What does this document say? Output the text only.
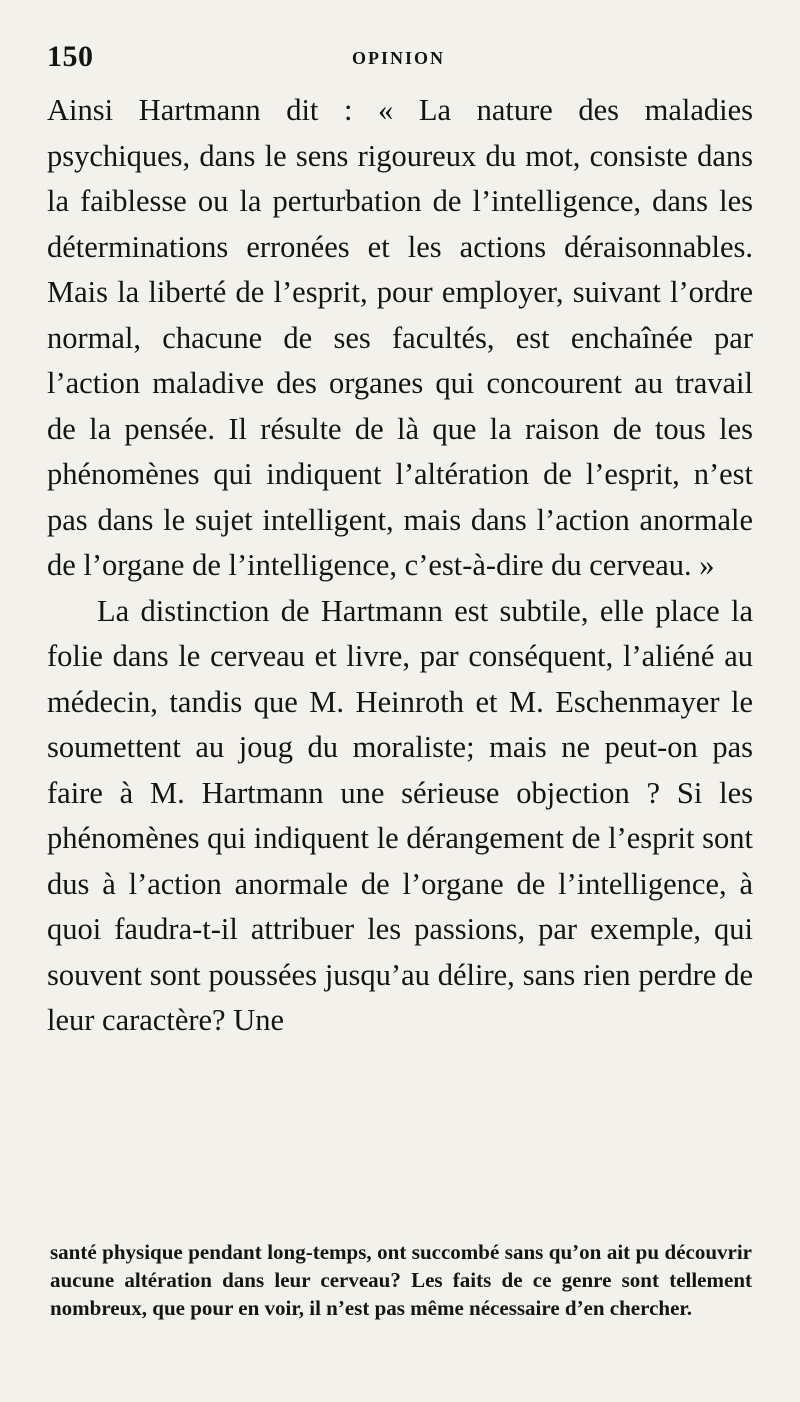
150	OPINION

Ainsi Hartmann dit : « La nature des maladies psychiques, dans le sens rigoureux du mot, consiste dans la faiblesse ou la perturbation de l’intelligence, dans les déterminations erronées et les actions déraisonnables. Mais la liberté de l’esprit, pour employer, suivant l’ordre normal, chacune de ses facultés, est enchaînée par l’action maladive des organes qui concourent au travail de la pensée. Il résulte de là que la raison de tous les phénomènes qui indiquent l’altération de l’esprit, n’est pas dans le sujet intelligent, mais dans l’action anormale de l’organe de l’intelligence, c’est-à-dire du cerveau. »

La distinction de Hartmann est subtile, elle place la folie dans le cerveau et livre, par conséquent, l’aliéné au médecin, tandis que M. Heinroth et M. Eschenmayer le soumettent au joug du moraliste; mais ne peut-on pas faire à M. Hartmann une sérieuse objection ? Si les phénomènes qui indiquent le dérangement de l’esprit sont dus à l’action anormale de l’organe de l’intelligence, à quoi faudra-t-il attribuer les passions, par exemple, qui souvent sont poussées jusqu’au délire, sans rien perdre de leur caractère? Une

santé physique pendant long-temps, ont succombé sans qu’on ait pu découvrir aucune altération dans leur cerveau? Les faits de ce genre sont tellement nombreux, que pour en voir, il n’est pas même nécessaire d’en chercher.
